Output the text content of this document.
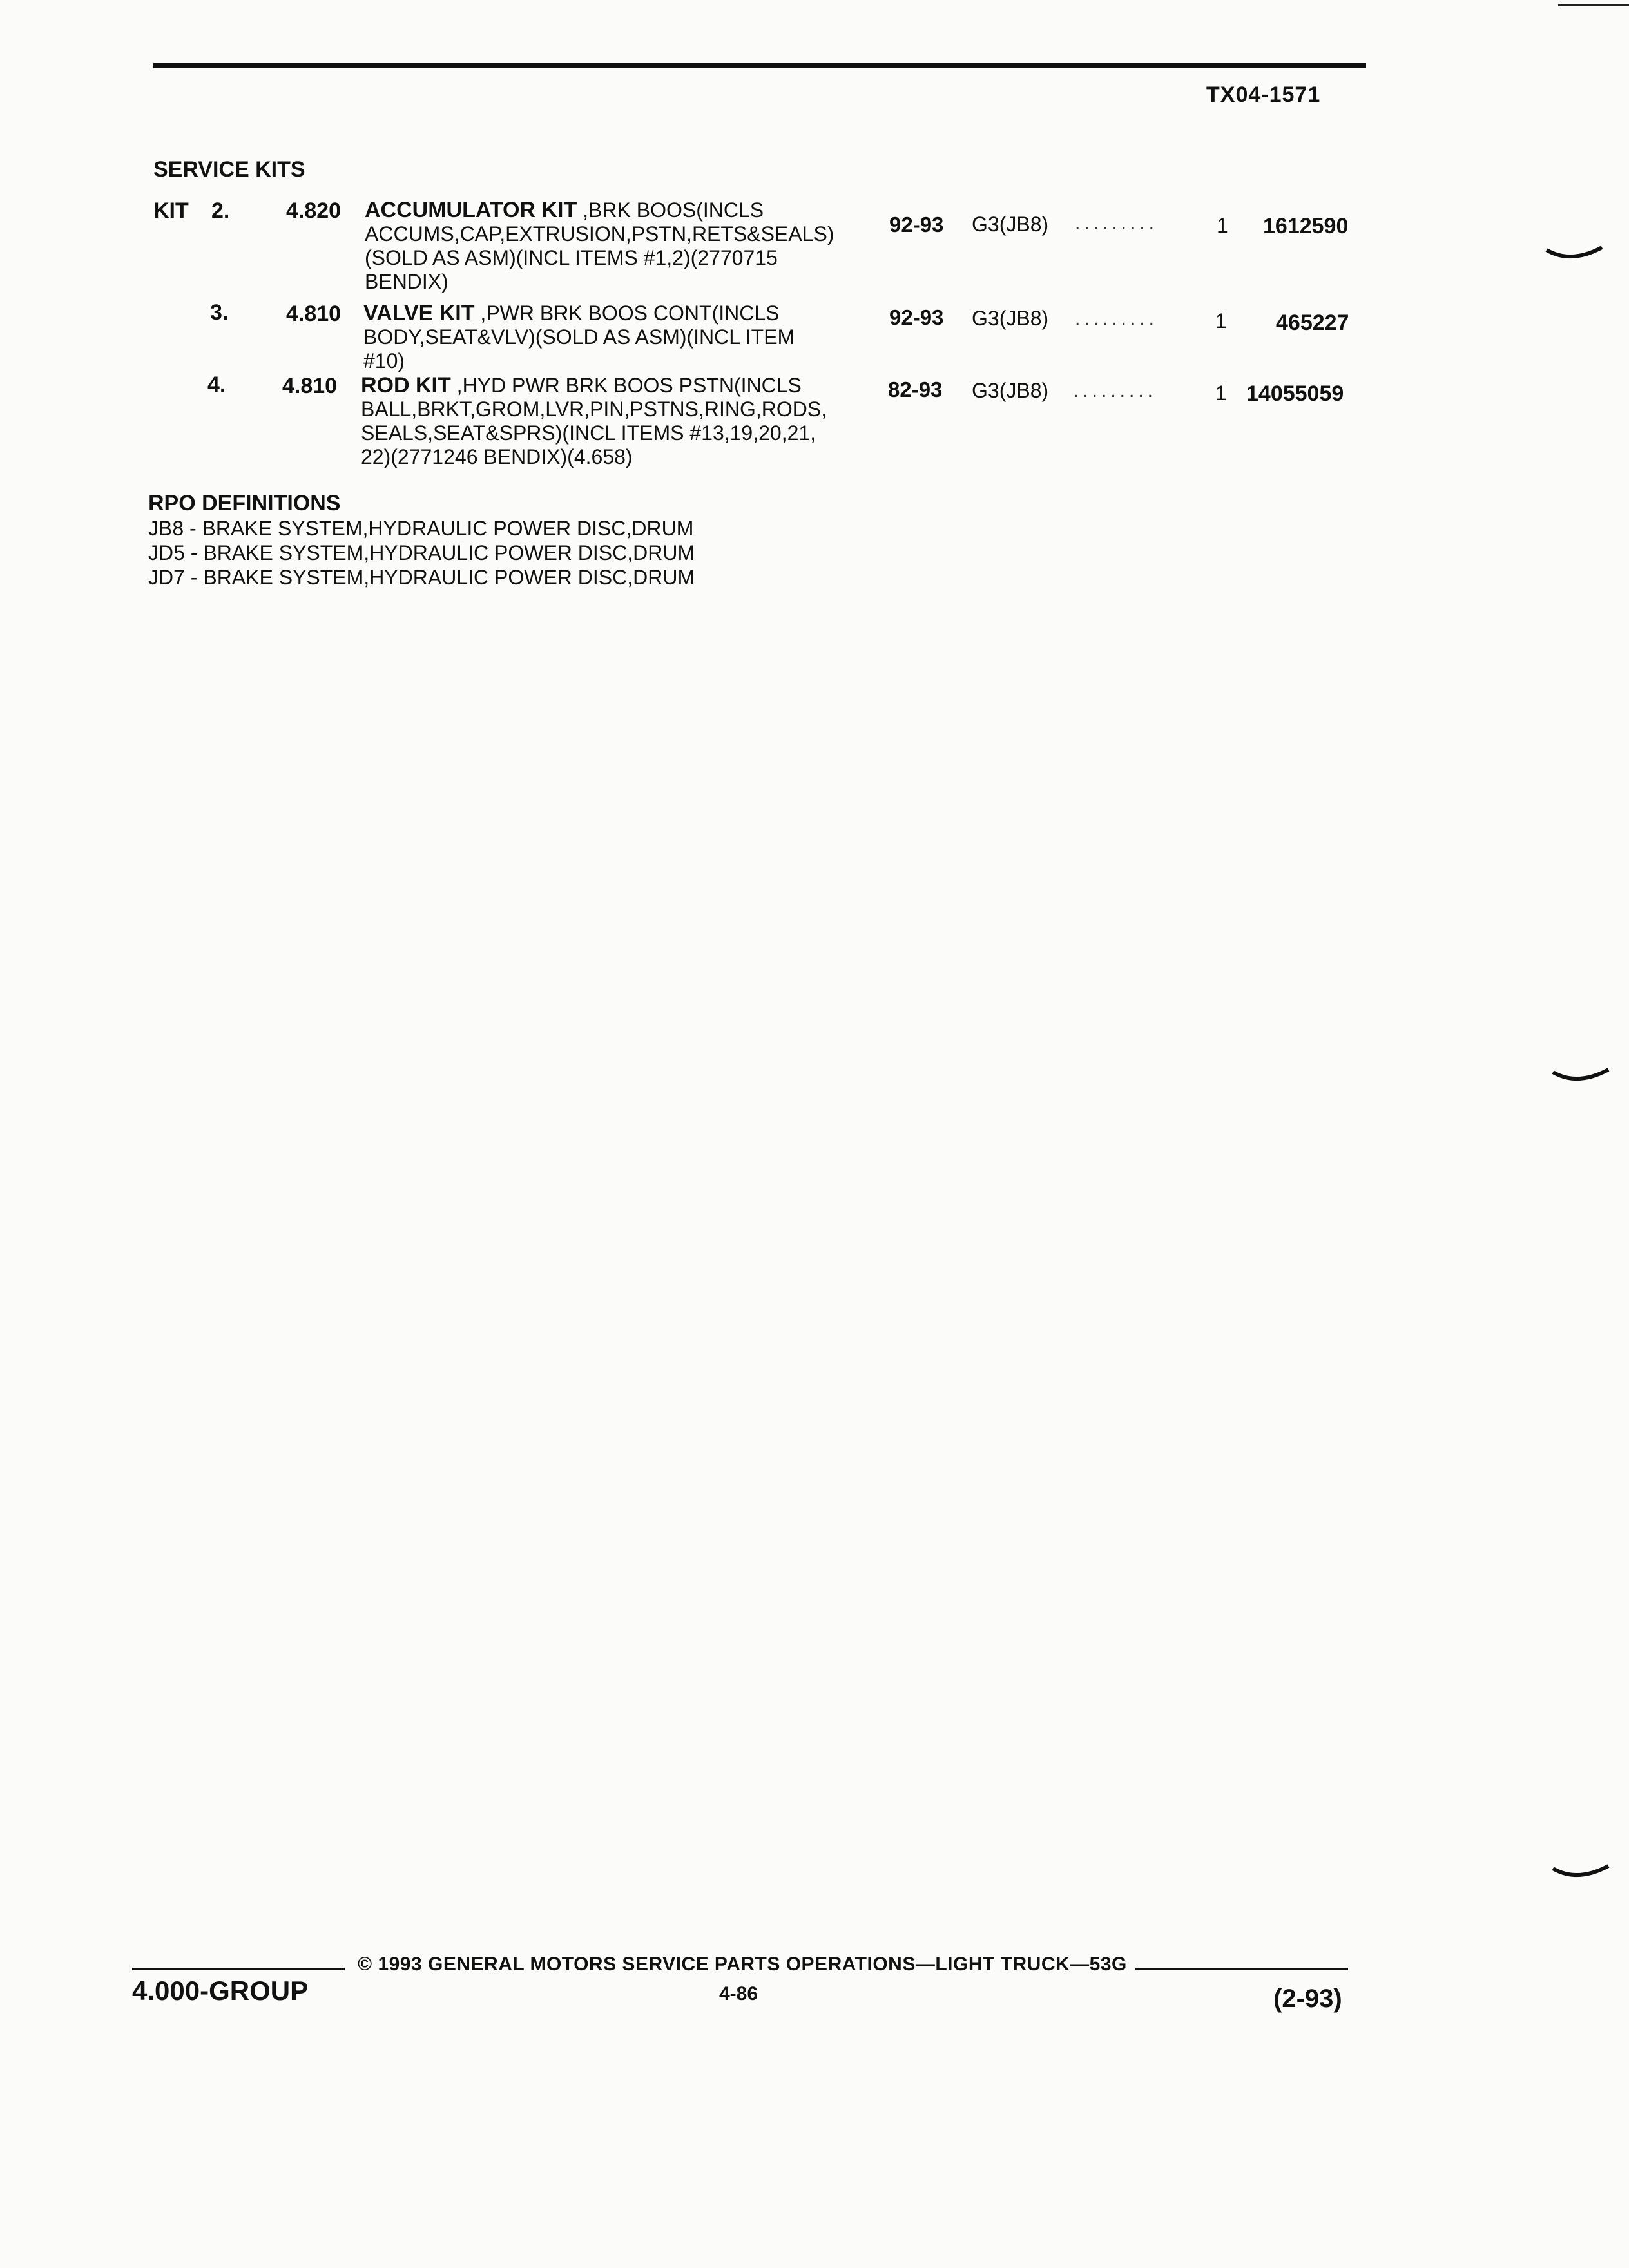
TX04-1571
SERVICE KITS
KIT 2.	4.820 ACCUMULATOR KIT ,BRK BOOS(INCLS
ACCUMS,CAP,EXTRUSION,PSTN,RETS&SEALS)
(SOLD AS ASM)(INCL ITEMS #1,2)(2770715
BENDIX)
92-93 G3(JB8) .........	1 1612590
3.	4.810 VALVE KIT ,PWR BRK BOOS CONT(INCLS
BODY,SEAT&VLV)(SOLD AS ASM)(INCL ITEM
#10)
92-93 G3(JB8) .........	1 465227
4.	4.810 ROD KIT ,HYD PWR BRK BOOS PSTN(INCLS
BALL,BRKT,GROM,LVR,PIN,PSTNS,RING,RODS,
SEALS,SEAT&SPRS)(INCL ITEMS #13,19,20,21,
22)(2771246 BENDIX)(4.658)
82-93 G3(JB8) .........	1 14055059
RPO DEFINITIONS
JB8 - BRAKE SYSTEM,HYDRAULIC POWER DISC,DRUM
JD5 - BRAKE SYSTEM,HYDRAULIC POWER DISC,DRUM
JD7 - BRAKE SYSTEM,HYDRAULIC POWER DISC,DRUM
© 1993 GENERAL MOTORS SERVICE PARTS OPERATIONS—LIGHT TRUCK—53G
4.000-GROUP	4-86	(2-93)
